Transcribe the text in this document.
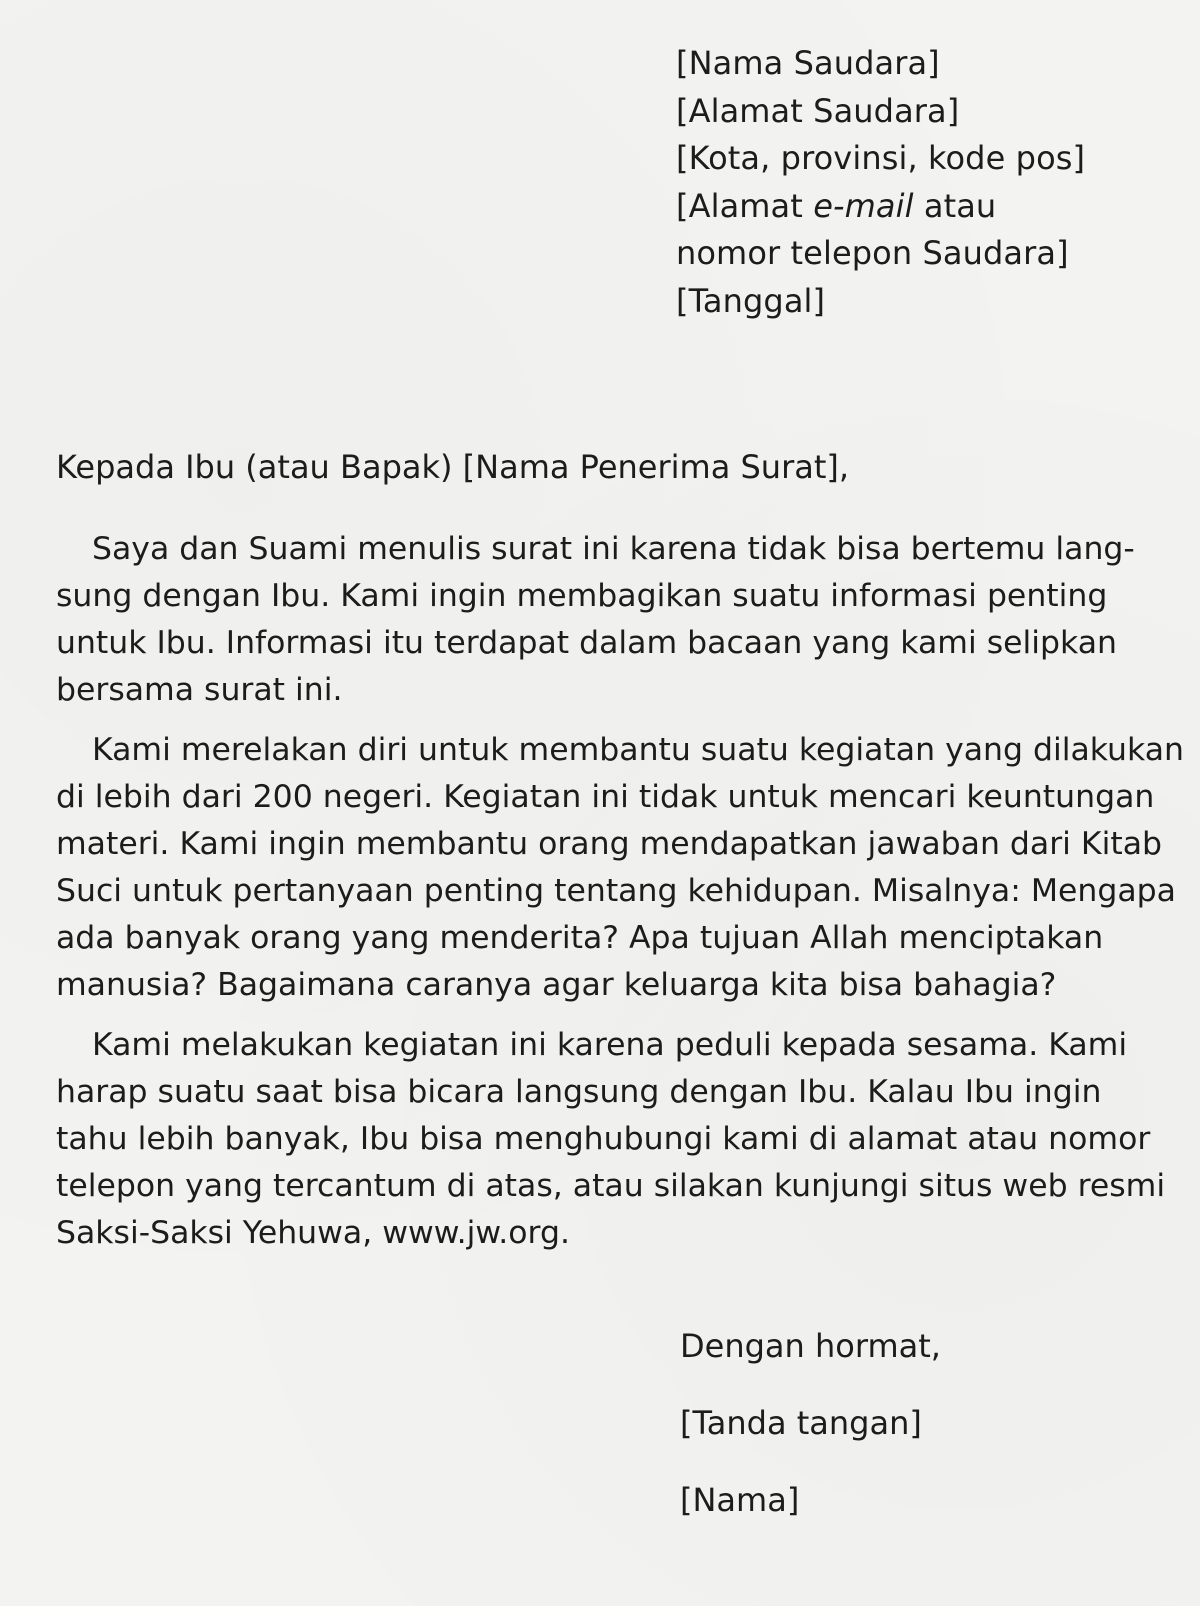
[Nama Saudara]
[Alamat Saudara]
[Kota, provinsi, kode pos]
[Alamat e-mail atau
nomor telepon Saudara]
[Tanggal]
Kepada Ibu (atau Bapak) [Nama Penerima Surat],
Saya dan Suami menulis surat ini karena tidak bisa bertemu lang-
sung dengan Ibu. Kami ingin membagikan suatu informasi penting
untuk Ibu. Informasi itu terdapat dalam bacaan yang kami selipkan
bersama surat ini.
Kami merelakan diri untuk membantu suatu kegiatan yang dilakukan
di lebih dari 200 negeri. Kegiatan ini tidak untuk mencari keuntungan
materi. Kami ingin membantu orang mendapatkan jawaban dari Kitab
Suci untuk pertanyaan penting tentang kehidupan. Misalnya: Mengapa
ada banyak orang yang menderita? Apa tujuan Allah menciptakan
manusia? Bagaimana caranya agar keluarga kita bisa bahagia?
Kami melakukan kegiatan ini karena peduli kepada sesama. Kami
harap suatu saat bisa bicara langsung dengan Ibu. Kalau Ibu ingin
tahu lebih banyak, Ibu bisa menghubungi kami di alamat atau nomor
telepon yang tercantum di atas, atau silakan kunjungi situs web resmi
Saksi-Saksi Yehuwa, www.jw.org.
Dengan hormat,
[Tanda tangan]
[Nama]
